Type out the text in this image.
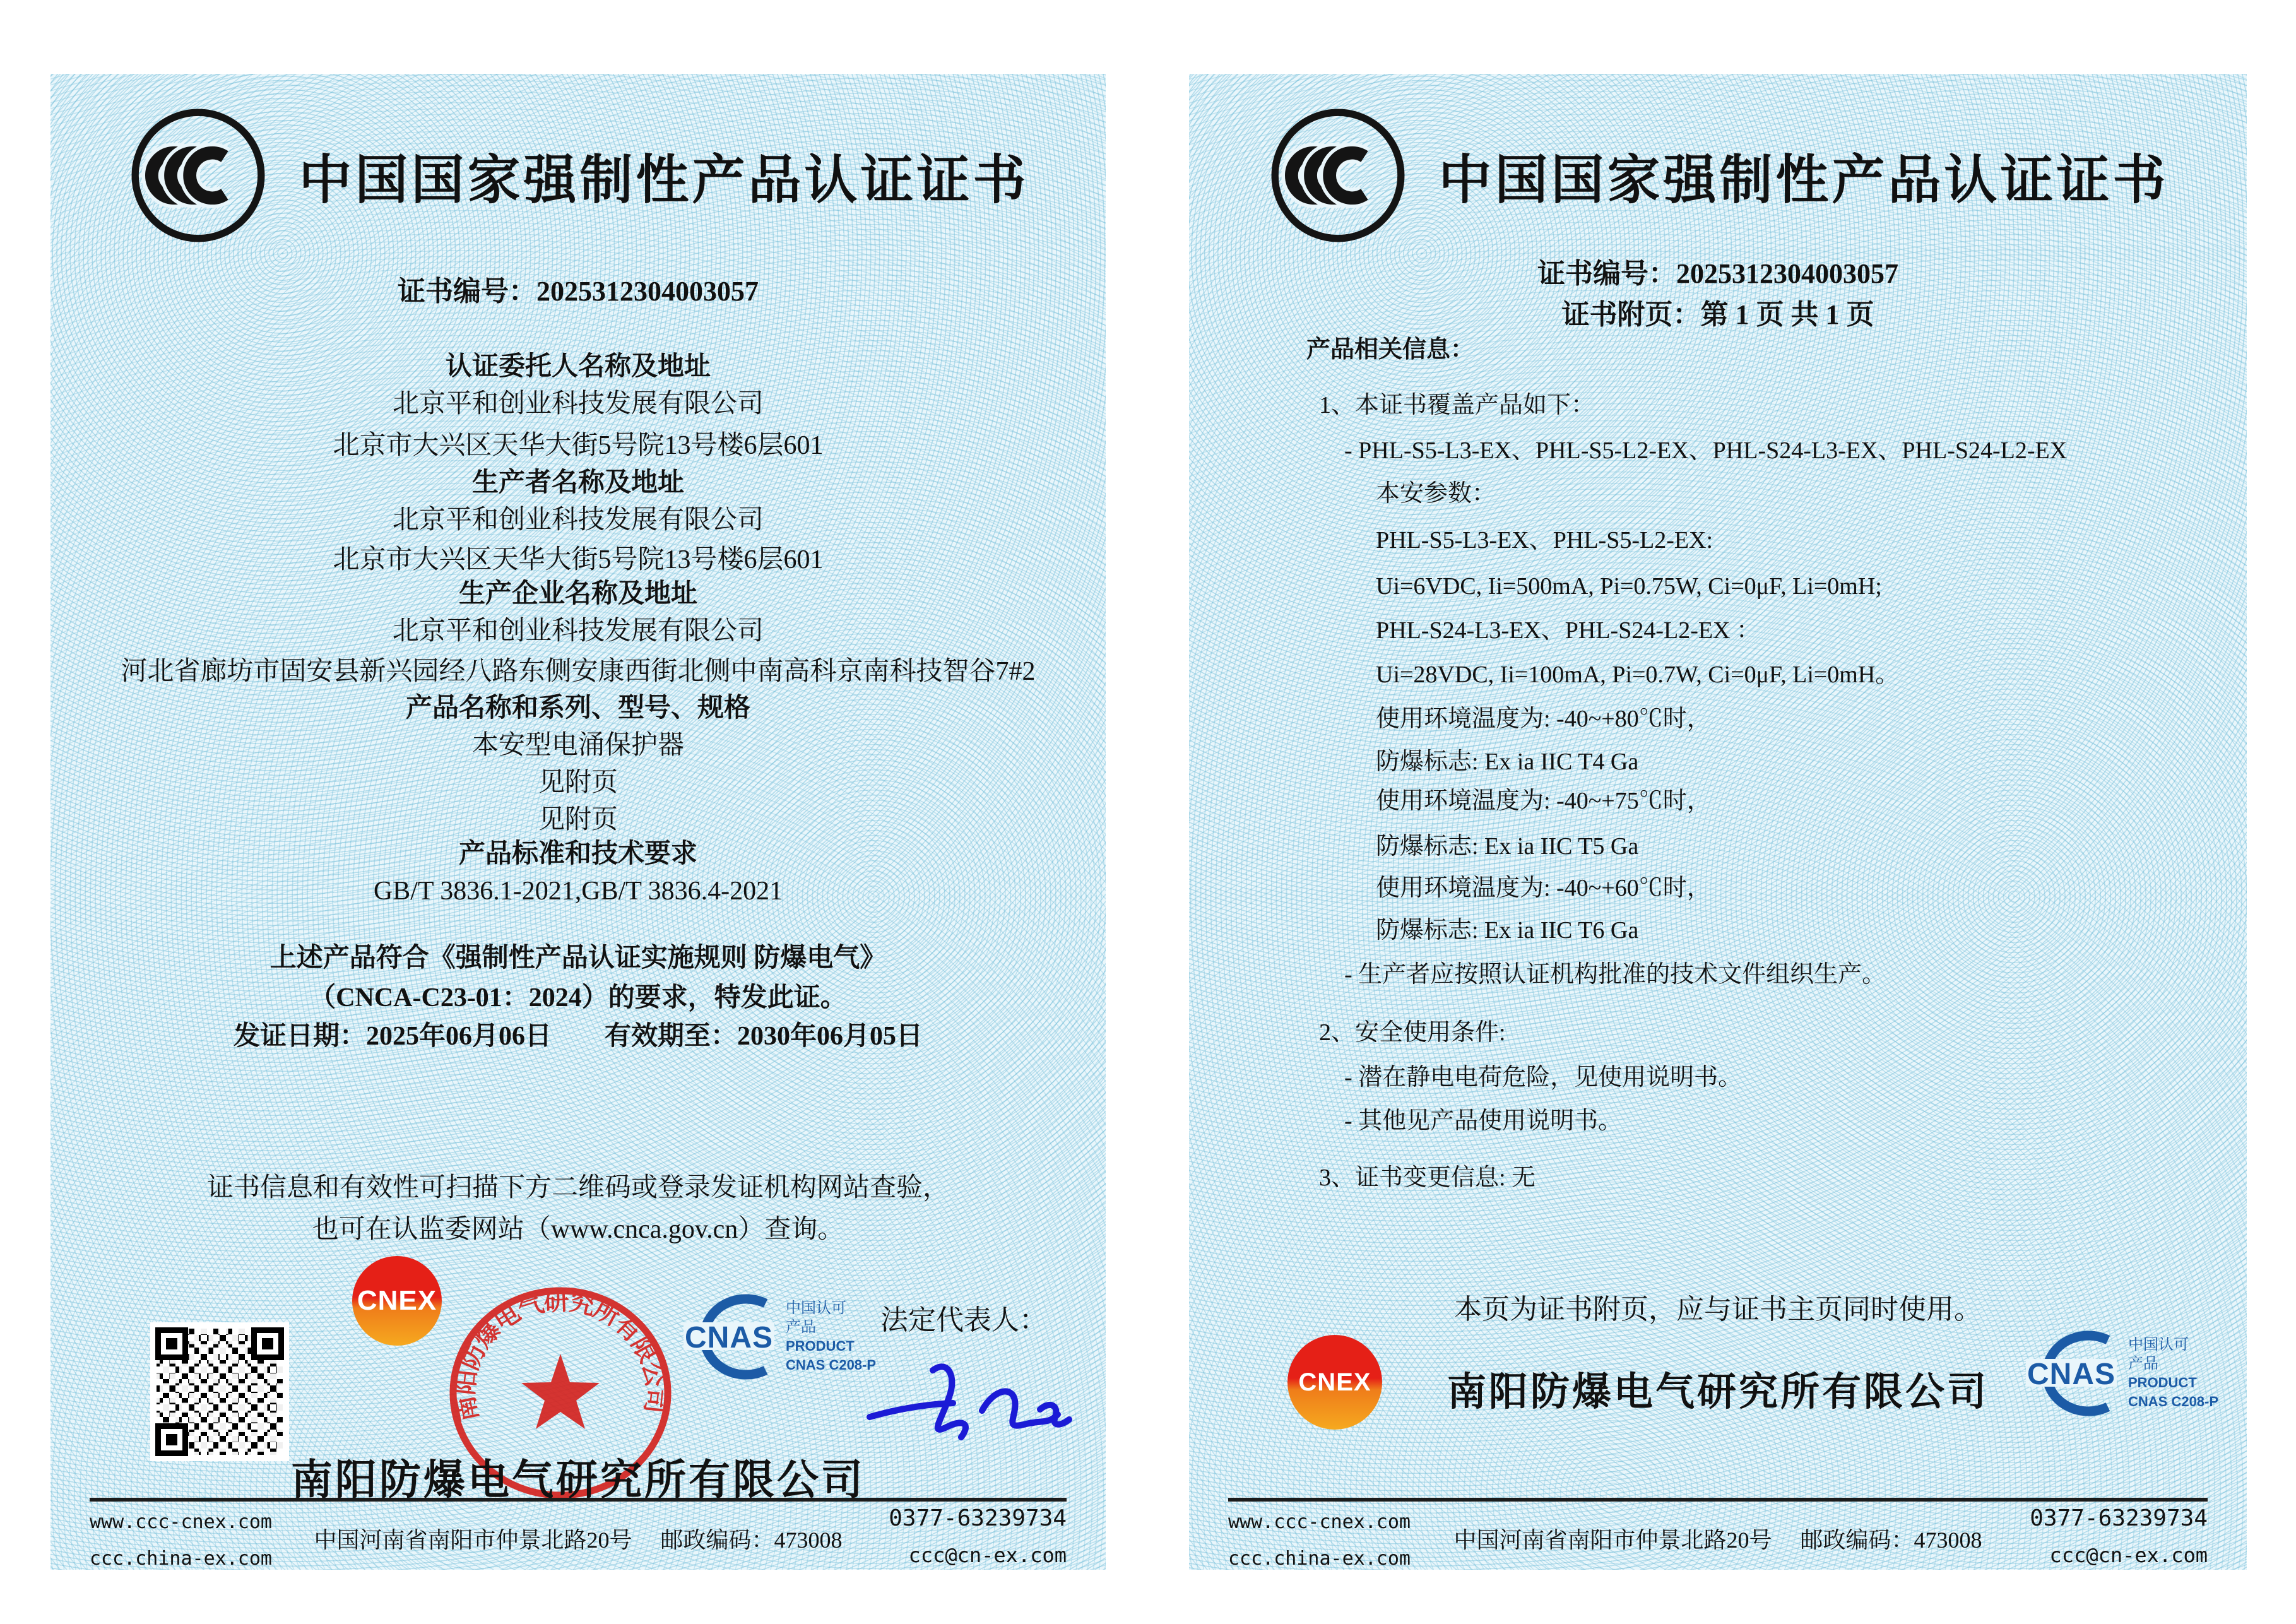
中国国家强制性产品认证证书
证书编号：2025312304003057
认证委托人名称及地址
北京平和创业科技发展有限公司
北京市大兴区天华大街5号院13号楼6层601
生产者名称及地址
北京平和创业科技发展有限公司
北京市大兴区天华大街5号院13号楼6层601
生产企业名称及地址
北京平和创业科技发展有限公司
河北省廊坊市固安县新兴园经八路东侧安康西街北侧中南高科京南科技智谷7#2
产品名称和系列、型号、规格
本安型电涌保护器
见附页
见附页
产品标准和技术要求
GB/T 3836.1-2021,GB/T 3836.4-2021
上述产品符合《强制性产品认证实施规则 防爆电气》
（CNCA-C23-01：2024）的要求，特发此证。
发证日期：2025年06月06日　　有效期至：2030年06月05日
证书信息和有效性可扫描下方二维码或登录发证机构网站查验，
也可在认监委网站（www.cnca.gov.cn）查询。
CNEX
南阳防爆电气研究所有限公司
CNAS
中国认可
产品
PRODUCT
CNAS C208-P
法定代表人：
南阳防爆电气研究所有限公司
www.ccc-cnex.com
ccc.china-ex.com
中国河南省南阳市仲景北路20号　 邮政编码：473008
0377-63239734
ccc@cn-ex.com
中国国家强制性产品认证证书
证书编号：2025312304003057
证书附页：第 1 页 共 1 页
产品相关信息：
1、本证书覆盖产品如下：
- PHL-S5-L3-EX、PHL-S5-L2-EX、PHL-S24-L3-EX、PHL-S24-L2-EX
本安参数：
PHL-S5-L3-EX、PHL-S5-L2-EX:
Ui=6VDC, Ii=500mA, Pi=0.75W, Ci=0μF, Li=0mH;
PHL-S24-L3-EX、PHL-S24-L2-EX ：
Ui=28VDC, Ii=100mA, Pi=0.7W, Ci=0μF, Li=0mH。
使用环境温度为: -40~+80℃时，
防爆标志: Ex ia IIC T4 Ga
使用环境温度为: -40~+75℃时，
防爆标志: Ex ia IIC T5 Ga
使用环境温度为: -40~+60℃时，
防爆标志: Ex ia IIC T6 Ga
- 生产者应按照认证机构批准的技术文件组织生产。
2、安全使用条件:
- 潜在静电电荷危险，见使用说明书。
- 其他见产品使用说明书。
3、证书变更信息: 无
本页为证书附页，应与证书主页同时使用。
CNEX	南阳防爆电气研究所有限公司	CNAS
中国认可
产品
PRODUCT
CNAS C208-P
www.ccc-cnex.com
ccc.china-ex.com
中国河南省南阳市仲景北路20号　 邮政编码：473008
0377-63239734
ccc@cn-ex.com
